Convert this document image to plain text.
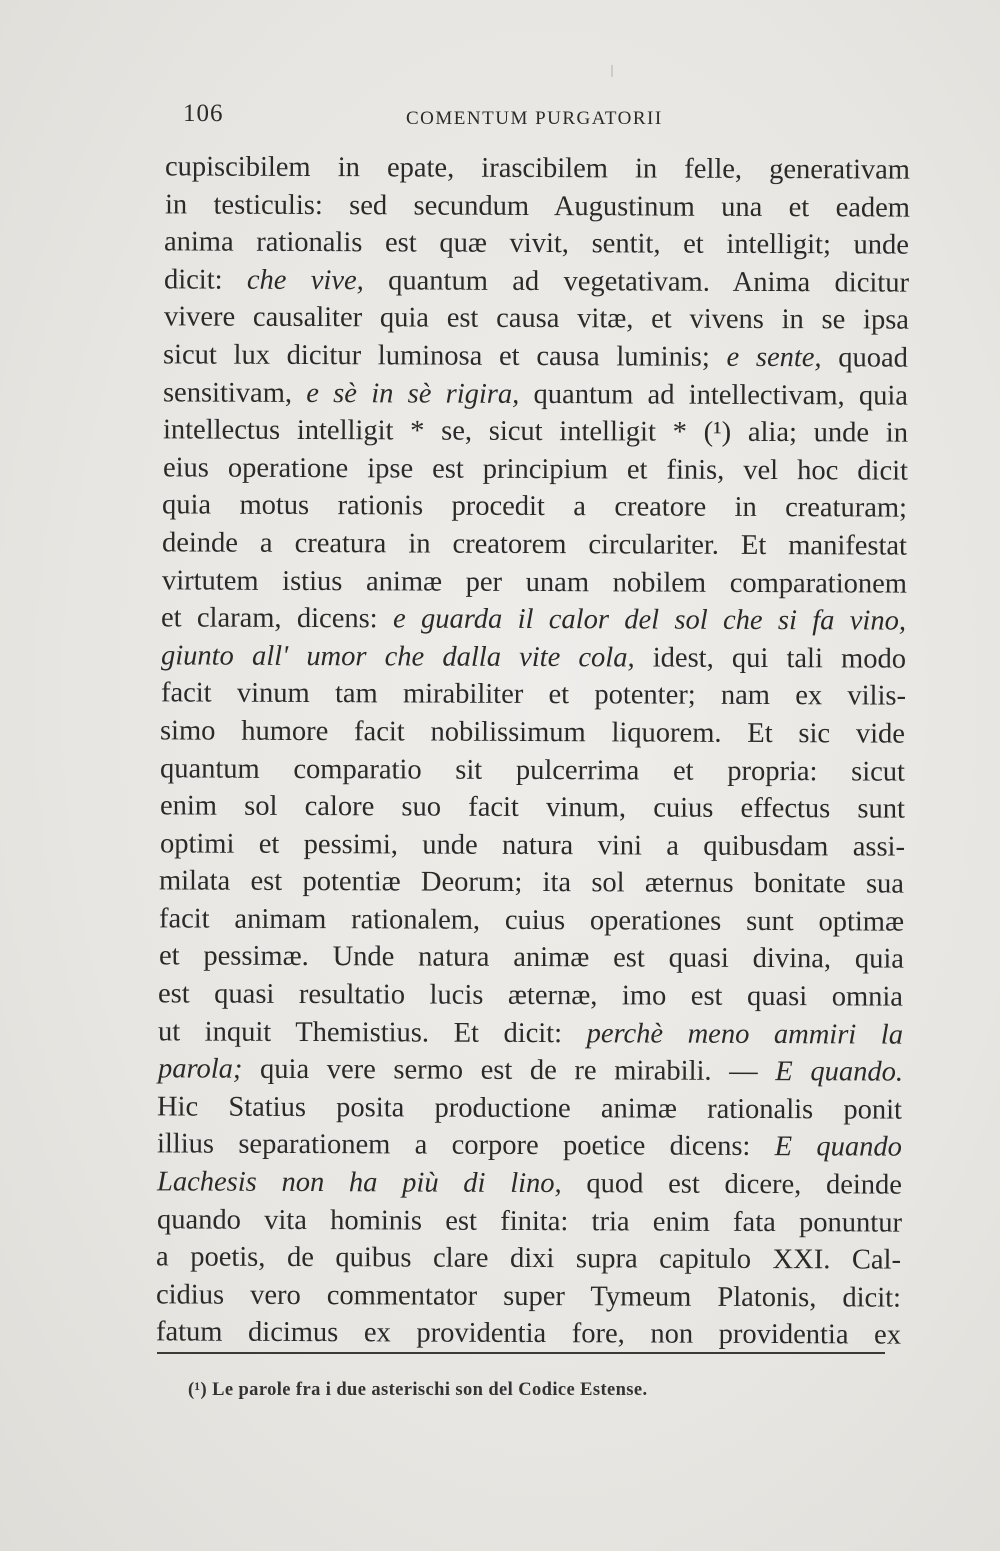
106	COMENTUM PURGATORII
cupiscibilem in epate, irascibilem in felle, generativam
in testiculis: sed secundum Augustinum una et eadem
anima rationalis est quæ vivit, sentit, et intelligit; unde
dicit: che vive, quantum ad vegetativam. Anima dicitur
vivere causaliter quia est causa vitæ, et vivens in se ipsa
sicut lux dicitur luminosa et causa luminis; e sente, quoad
sensitivam, e sè in sè rigira, quantum ad intellectivam, quia
intellectus intelligit * se, sicut intelligit * (¹) alia; unde in
eius operatione ipse est principium et finis, vel hoc dicit
quia motus rationis procedit a creatore in creaturam;
deinde a creatura in creatorem circulariter. Et manifestat
virtutem istius animæ per unam nobilem comparationem
et claram, dicens: e guarda il calor del sol che si fa vino,
giunto all' umor che dalla vite cola, idest, qui tali modo
facit vinum tam mirabiliter et potenter; nam ex vilis-
simo humore facit nobilissimum liquorem. Et sic vide
quantum comparatio sit pulcerrima et propria: sicut
enim sol calore suo facit vinum, cuius effectus sunt
optimi et pessimi, unde natura vini a quibusdam assi-
milata est potentiæ Deorum; ita sol æternus bonitate sua
facit animam rationalem, cuius operationes sunt optimæ
et pessimæ. Unde natura animæ est quasi divina, quia
est quasi resultatio lucis æternæ, imo est quasi omnia
ut inquit Themistius. Et dicit: perchè meno ammiri la
parola; quia vere sermo est de re mirabili. — E quando.
Hic Statius posita productione animæ rationalis ponit
illius separationem a corpore poetice dicens: E quando
Lachesis non ha più di lino, quod est dicere, deinde
quando vita hominis est finita: tria enim fata ponuntur
a poetis, de quibus clare dixi supra capitulo XXI. Cal-
cidius vero commentator super Tymeum Platonis, dicit:
fatum dicimus ex providentia fore, non providentia ex
(¹) Le parole fra i due asterischi son del Codice Estense.
